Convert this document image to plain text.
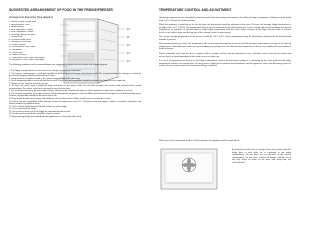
SUGGESTED ARRANGEMENT OF FOOD IN THE FRIDGE/FREEZER
Arrangement Examples (See diagram)
1. Baked, chilled cooked food,
2. dairy products, cans
3. Bottle storage
4. Fruit vegetables, salads
5. Fruit, vegetables, salads
6. Washing, drying ice cubes
7. Frozen food
8. Preserved food, meat
9. freezing of fresh food
10. Butter, cheese
11. Small bottles, cans, tubes
12. Big bottles
13. small items
14. Bottle self mats
15. Soft bottles, cans, tubes, beverages
16. Big bottles, cans, tubes, beverages
10
11
12
13
14

The following guidelines and recommendations are suggested to obtain the best results and storage hygiene:

1. The fridge compartment is for the short-term storage of fresh food and drinks.

2. The freezer compartment is rated and suitable for the freezing and storage of pre-frozen food. The recommendation for storage as stated on the food packaging should be observed at all times.

3. Dairy products should be stored in the special compartment in the door liner.

4. Fresh wrapped produce can be placed on the shelf. Fresh fruit and vegetables should be cleaned and stored in the crisper bin.

5. Bottles can be stored in the door section.

6. To store raw meat, wrap in polythene bags and place on the lowest shelf. Do not allow to come into contact with cooked food to avoid contamination. For safety, only store raw meat for two to three days.

7. For maximum efficiency, the removable shelves should not be covered with paper or other materials to allow free circulation of cool air.

8. Do not keep vegetable oil on door shelves. Keep food packed, wrapped or covered. Allow hot food and beverages to cool before refrigerating. Leftover canned food should not be stored in the can.

9. Fizzy drinks should not be frozen and products such as flavoured ice lollies should not be consumed too cold.

10. Some fruit and vegetables suffer damage if kept at temperatures near 0°C. Therefore wrap pineapples, melons, cucumbers, tomatoes and similar produce in polythene bags.

11. Place chilled cooked food and drinks in the rear of the fridge.

12. Do not overload the fridge.

13. Do not leave foods out of the fridge for extended periods of time.

14. Pastries and sweet dishes should be stored covered.

15. Avoid storing highly spiced food with the appliance as it may taint other food.

TEMPERATURE CONTROL AND ADJUSTMENT

Operating temperatures are controlled by the thermostat knob (see diagram) located on the ceiling of fridge compartment. Settings may be made from 1 to 5, 5 being the coldest position.

When the appliance is switched on for the first time, the thermostat should be adjusted so that after 24 hours, the average fridge temperature is no higher than +5°C (+41°F). We recommend that you set the thermostat half way between the 1 and 5 setting and monitor to obtain the desired temperature i.e. towards 5 if you will obtain a colder fridge temperature and vice versa. Some sections of the fridge may be cooler or warmer (such as the salad crisper and the top part of the cabinet) which is quite normal.

The normal storage temperature of the freezer should be -18°C (0°F). Lower temperatures may be obtained by adjusting the thermostat knob towards 5 position.

We recommend that you check the temperature with an accurate thermometer to ensure that the storage compartments are kept to the desired temperatures. Remember you must take your reading very quickly since the thermometer temperature will rise very rapidly after you remove it from the freezer.

Please remember each time the door is opened cold air escapes and the internal temperature rises. Therefore never leave the door open and ensure that it is closed immediately after food is put in or taken out.

In case of a temperature not built up in the fridge compartment, replace the thermostat setting to 1 monitoring on the same knob that the fridge temperature returns to its normal level. You may notice a light frost or moisture that disappears and the appliance starts auto defrosting cycles as normal; this you may increase the thermostat setting, if required.

When you set the thermostat knob to 5 (Zero) position, the appliance will be switched off.

A circulation fan will come on and go. From time to time while the fridge door is shut while air is circulated in the fridge compartment. Do not block the air channels to the freezer compartment. Do not touch, obstruct or tamper with the fan in any way. Keep all items on the back wall away from the circulation fan.
